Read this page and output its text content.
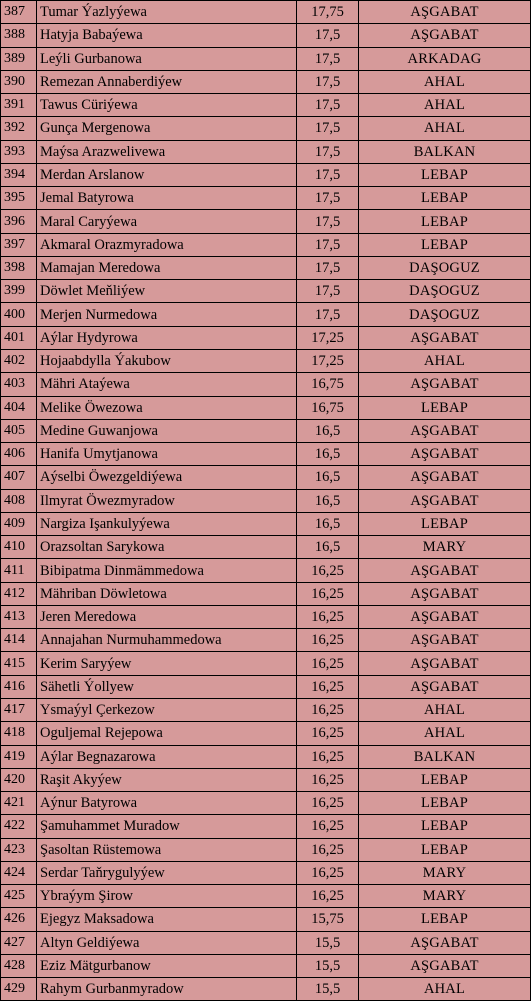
387	Tumar Ýazlyýewa	17,75	AŞGABAT
388	Hatyja Babaýewa	17,5	AŞGABAT
389	Leýli Gurbanowa	17,5	ARKADAG
390	Remezan Annaberdiýew	17,5	AHAL
391	Tawus Cüriýewa	17,5	AHAL
392	Gunça Mergenowa	17,5	AHAL
393	Maýsa Arazwelivewa	17,5	BALKAN
394	Merdan Arslanow	17,5	LEBAP
395	Jemal Batyrowa	17,5	LEBAP
396	Maral Caryýewa	17,5	LEBAP
397	Akmaral Orazmyradowa	17,5	LEBAP
398	Mamajan Meredowa	17,5	DAŞOGUZ
399	Döwlet Meňliýew	17,5	DAŞOGUZ
400	Merjen Nurmedowa	17,5	DAŞOGUZ
401	Aýlar Hydyrowa	17,25	AŞGABAT
402	Hojaabdylla Ýakubow	17,25	AHAL
403	Mähri Ataýewa	16,75	AŞGABAT
404	Melike Öwezowa	16,75	LEBAP
405	Medine Guwanjowa	16,5	AŞGABAT
406	Hanifa Umytjanowa	16,5	AŞGABAT
407	Aýselbi Öwezgeldiýewa	16,5	AŞGABAT
408	Ilmyrat Öwezmyradow	16,5	AŞGABAT
409	Nargiza Işankulyýewa	16,5	LEBAP
410	Orazsoltan Sarykowa	16,5	MARY
411	Bibipatma Dinmämmedowa	16,25	AŞGABAT
412	Mähriban Döwletowa	16,25	AŞGABAT
413	Jeren Meredowa	16,25	AŞGABAT
414	Annajahan Nurmuhammedowa	16,25	AŞGABAT
415	Kerim Saryýew	16,25	AŞGABAT
416	Sähetli Ýollyew	16,25	AŞGABAT
417	Ysmaýyl Çerkezow	16,25	AHAL
418	Oguljemal Rejepowa	16,25	AHAL
419	Aýlar Begnazarowa	16,25	BALKAN
420	Raşit Akyýew	16,25	LEBAP
421	Aýnur Batyrowa	16,25	LEBAP
422	Şamuhammet Muradow	16,25	LEBAP
423	Şasoltan Rüstemowa	16,25	LEBAP
424	Serdar Taňrygulyýew	16,25	MARY
425	Ybraýym Şirow	16,25	MARY
426	Ejegyz Maksadowa	15,75	LEBAP
427	Altyn Geldiýewa	15,5	AŞGABAT
428	Eziz Mätgurbanow	15,5	AŞGABAT
429	Rahym Gurbanmyradow	15,5	AHAL
